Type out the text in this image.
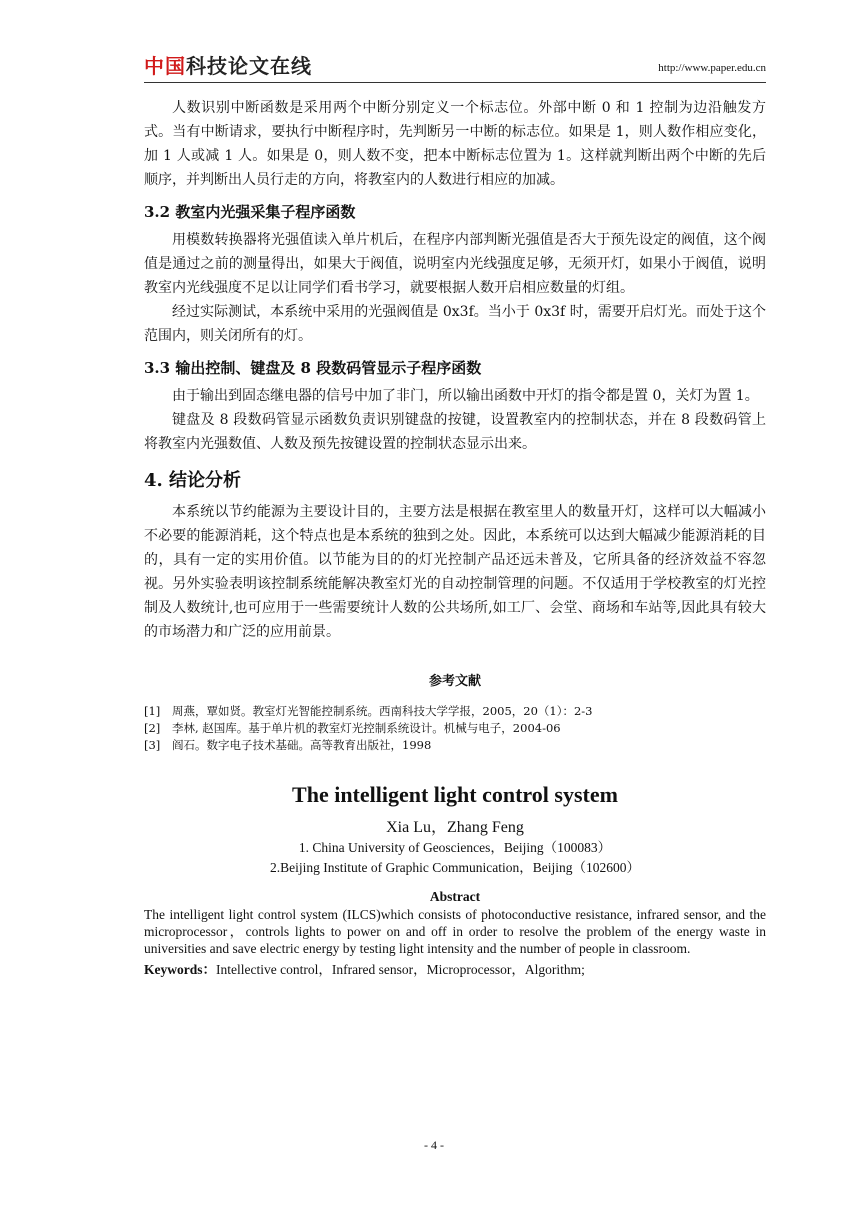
中国科技论文在线	http://www.paper.edu.cn

人数识别中断函数是采用两个中断分别定义一个标志位。外部中断 0 和 1 控制为边沿触发方式。当有中断请求，要执行中断程序时，先判断另一中断的标志位。如果是 1，则人数作相应变化，加 1 人或减 1 人。如果是 0，则人数不变，把本中断标志位置为 1。这样就判断出两个中断的先后顺序，并判断出人员行走的方向，将教室内的人数进行相应的加减。

3.2 教室内光强采集子程序函数

用模数转换器将光强值读入单片机后，在程序内部判断光强值是否大于预先设定的阀值，这个阀值是通过之前的测量得出，如果大于阀值，说明室内光线强度足够，无须开灯，如果小于阀值，说明教室内光线强度不足以让同学们看书学习，就要根据人数开启相应数量的灯组。

经过实际测试，本系统中采用的光强阀值是 0x3f。当小于 0x3f 时，需要开启灯光。而处于这个范围内，则关闭所有的灯。

3.3 输出控制、键盘及 8 段数码管显示子程序函数

由于输出到固态继电器的信号中加了非门，所以输出函数中开灯的指令都是置 0，关灯为置 1。

键盘及 8 段数码管显示函数负责识别键盘的按键，设置教室内的控制状态，并在 8 段数码管上将教室内光强数值、人数及预先按键设置的控制状态显示出来。

4. 结论分析

本系统以节约能源为主要设计目的，主要方法是根据在教室里人的数量开灯，这样可以大幅减小不必要的能源消耗，这个特点也是本系统的独到之处。因此，本系统可以达到大幅减少能源消耗的目的，具有一定的实用价值。以节能为目的的灯光控制产品还远未普及，它所具备的经济效益不容忽视。另外实验表明该控制系统能解决教室灯光的自动控制管理的问题。不仅适用于学校教室的灯光控制及人数统计,也可应用于一些需要统计人数的公共场所,如工厂、会堂、商场和车站等,因此具有较大的市场潜力和广泛的应用前景。

参考文献
[1]	周燕，覃如贤。教室灯光智能控制系统。西南科技大学学报，2005，20（1）：2-3
[2]	李林, 赵国库。基于单片机的教室灯光控制系统设计。机械与电子，2004-06
[3]	阎石。数字电子技术基础。高等教育出版社，1998
The intelligent light control system
Xia Lu，Zhang Feng
1. China University of Geosciences，Beijing（100083）
2.Beijing Institute of Graphic Communication，Beijing（102600）
Abstract

The intelligent light control system (ILCS)which consists of photoconductive resistance, infrared sensor, and the microprocessor，controls lights to power on and off in order to resolve the problem of the energy waste in universities and save electric energy by testing light intensity and the number of people in classroom.

Keywords：Intellective control，Infrared sensor，Microprocessor，Algorithm;
- 4 -
